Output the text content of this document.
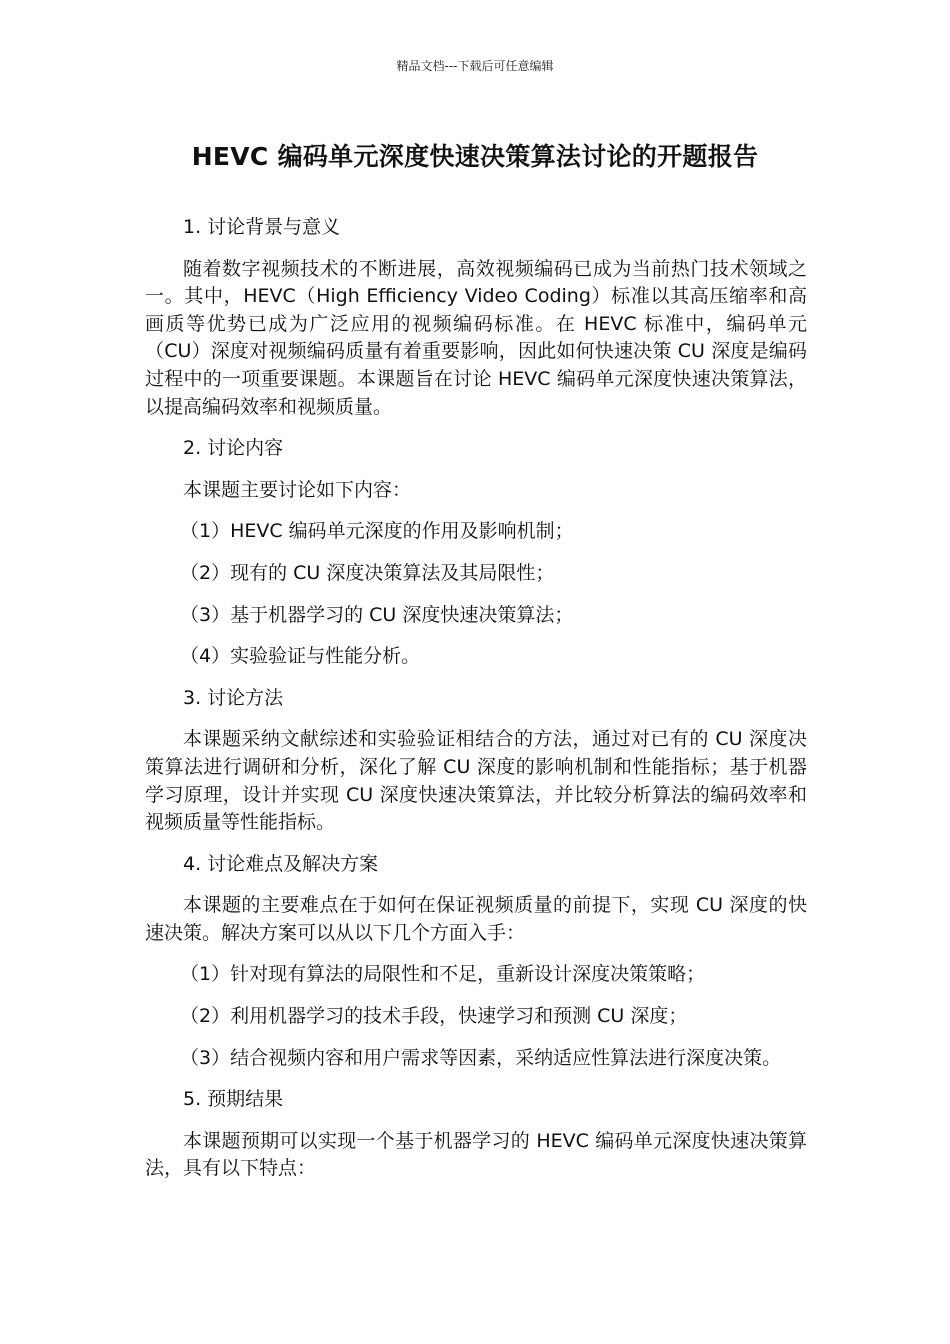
精品文档---下载后可任意编辑
HEVC 编码单元深度快速决策算法讨论的开题报告

1. 讨论背景与意义

随着数字视频技术的不断进展，高效视频编码已成为当前热门技术领域之一。其中，HEVC（High Efficiency Video Coding）标准以其高压缩率和高画质等优势已成为广泛应用的视频编码标准。在 HEVC 标准中，编码单元（CU）深度对视频编码质量有着重要影响，因此如何快速决策 CU 深度是编码过程中的一项重要课题。本课题旨在讨论 HEVC 编码单元深度快速决策算法，以提高编码效率和视频质量。

2. 讨论内容

本课题主要讨论如下内容：

（1）HEVC 编码单元深度的作用及影响机制；

（2）现有的 CU 深度决策算法及其局限性；

（3）基于机器学习的 CU 深度快速决策算法；

（4）实验验证与性能分析。

3. 讨论方法

本课题采纳文献综述和实验验证相结合的方法，通过对已有的 CU 深度决策算法进行调研和分析，深化了解 CU 深度的影响机制和性能指标；基于机器学习原理，设计并实现 CU 深度快速决策算法，并比较分析算法的编码效率和视频质量等性能指标。

4. 讨论难点及解决方案

本课题的主要难点在于如何在保证视频质量的前提下，实现 CU 深度的快速决策。解决方案可以从以下几个方面入手：

（1）针对现有算法的局限性和不足，重新设计深度决策策略；

（2）利用机器学习的技术手段，快速学习和预测 CU 深度；

（3）结合视频内容和用户需求等因素，采纳适应性算法进行深度决策。

5. 预期结果

本课题预期可以实现一个基于机器学习的 HEVC 编码单元深度快速决策算法，具有以下特点：
